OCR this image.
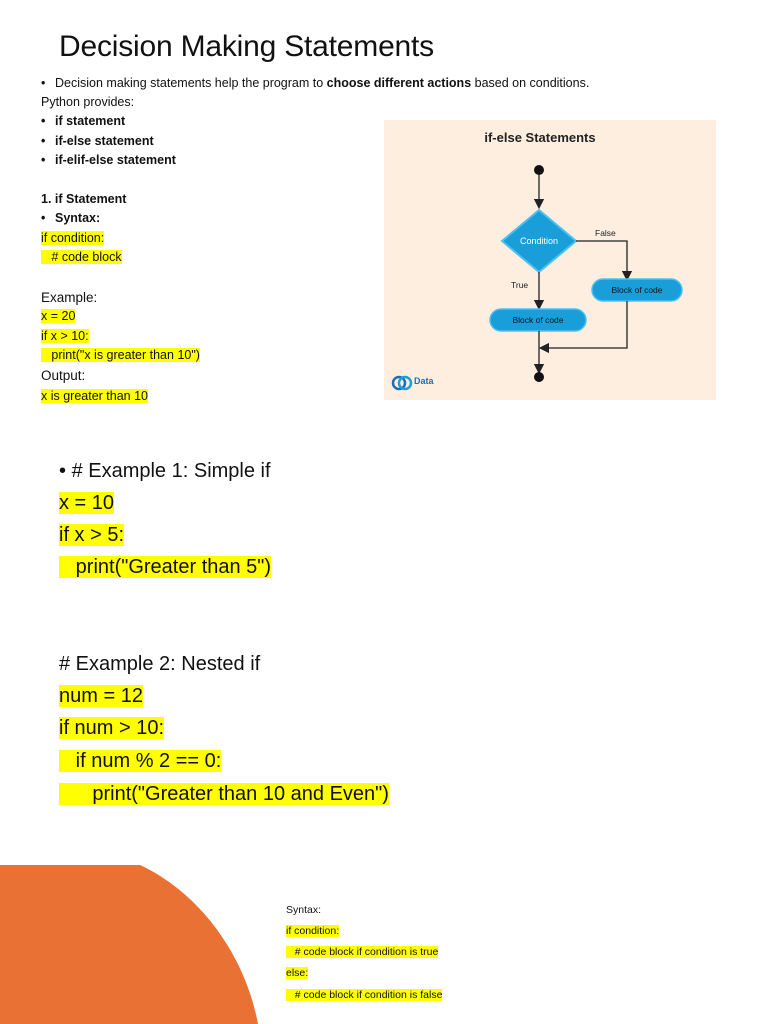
Decision Making Statements
• Decision making statements help the program to choose different actions based on conditions.
Python provides:
• if statement
• if-else statement
• if-elif-else statement
1. if Statement
• Syntax:
if condition:
# code block
Example:
x = 20
if x > 10:
print("x is greater than 10")
Output:
x is greater than 10
if-else Statements
Condition
False
Block of code
True
Block of code
Data
• # Example 1: Simple if
x = 10
if x > 5:
print("Greater than 5")
# Example 2: Nested if
num = 12
if num > 10:
if num % 2 == 0:
print("Greater than 10 and Even")
Syntax:
if condition:
# code block if condition is true
else:
# code block if condition is false
